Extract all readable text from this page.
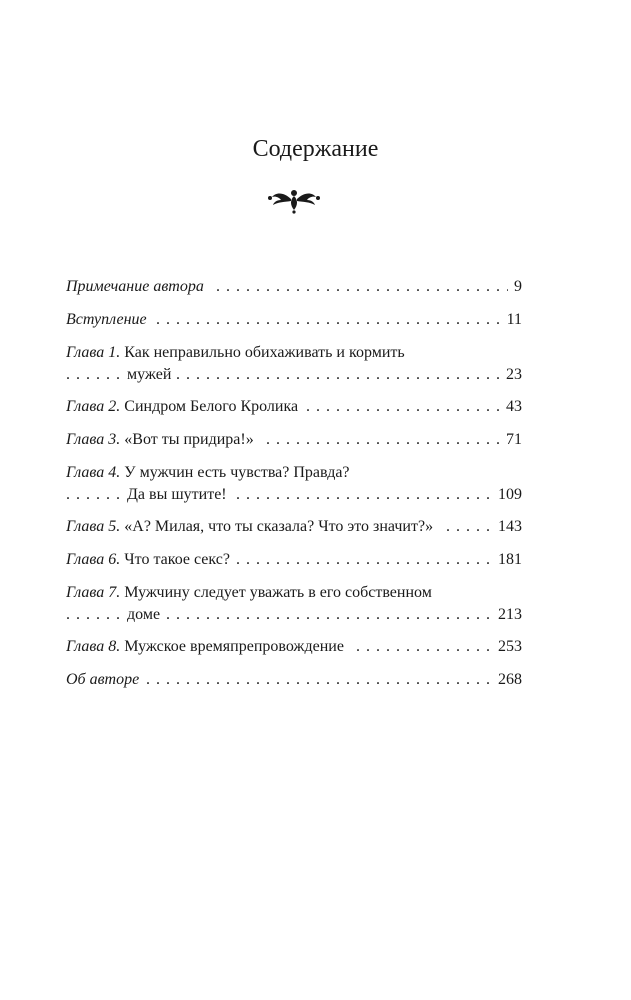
Содержание
. . . Примечание автора	9
. . . Вступление	11
Глава 1. Как неправильно обихаживать и кормить
. . . мужей	23
. . . Глава 2. Синдром Белого Кролика	43
. . . Глава 3. «Вот ты придира!»	71
Глава 4. У мужчин есть чувства? Правда?
. . . Да вы шутите!	109
. . . Глава 5. «А? Милая, что ты сказала? Что это значит?»	143
. . . Глава 6. Что такое секс?	181
Глава 7. Мужчину следует уважать в его собственном
. . . доме	213
. . . Глава 8. Мужское времяпрепровождение	253
. . . Об авторе	268
